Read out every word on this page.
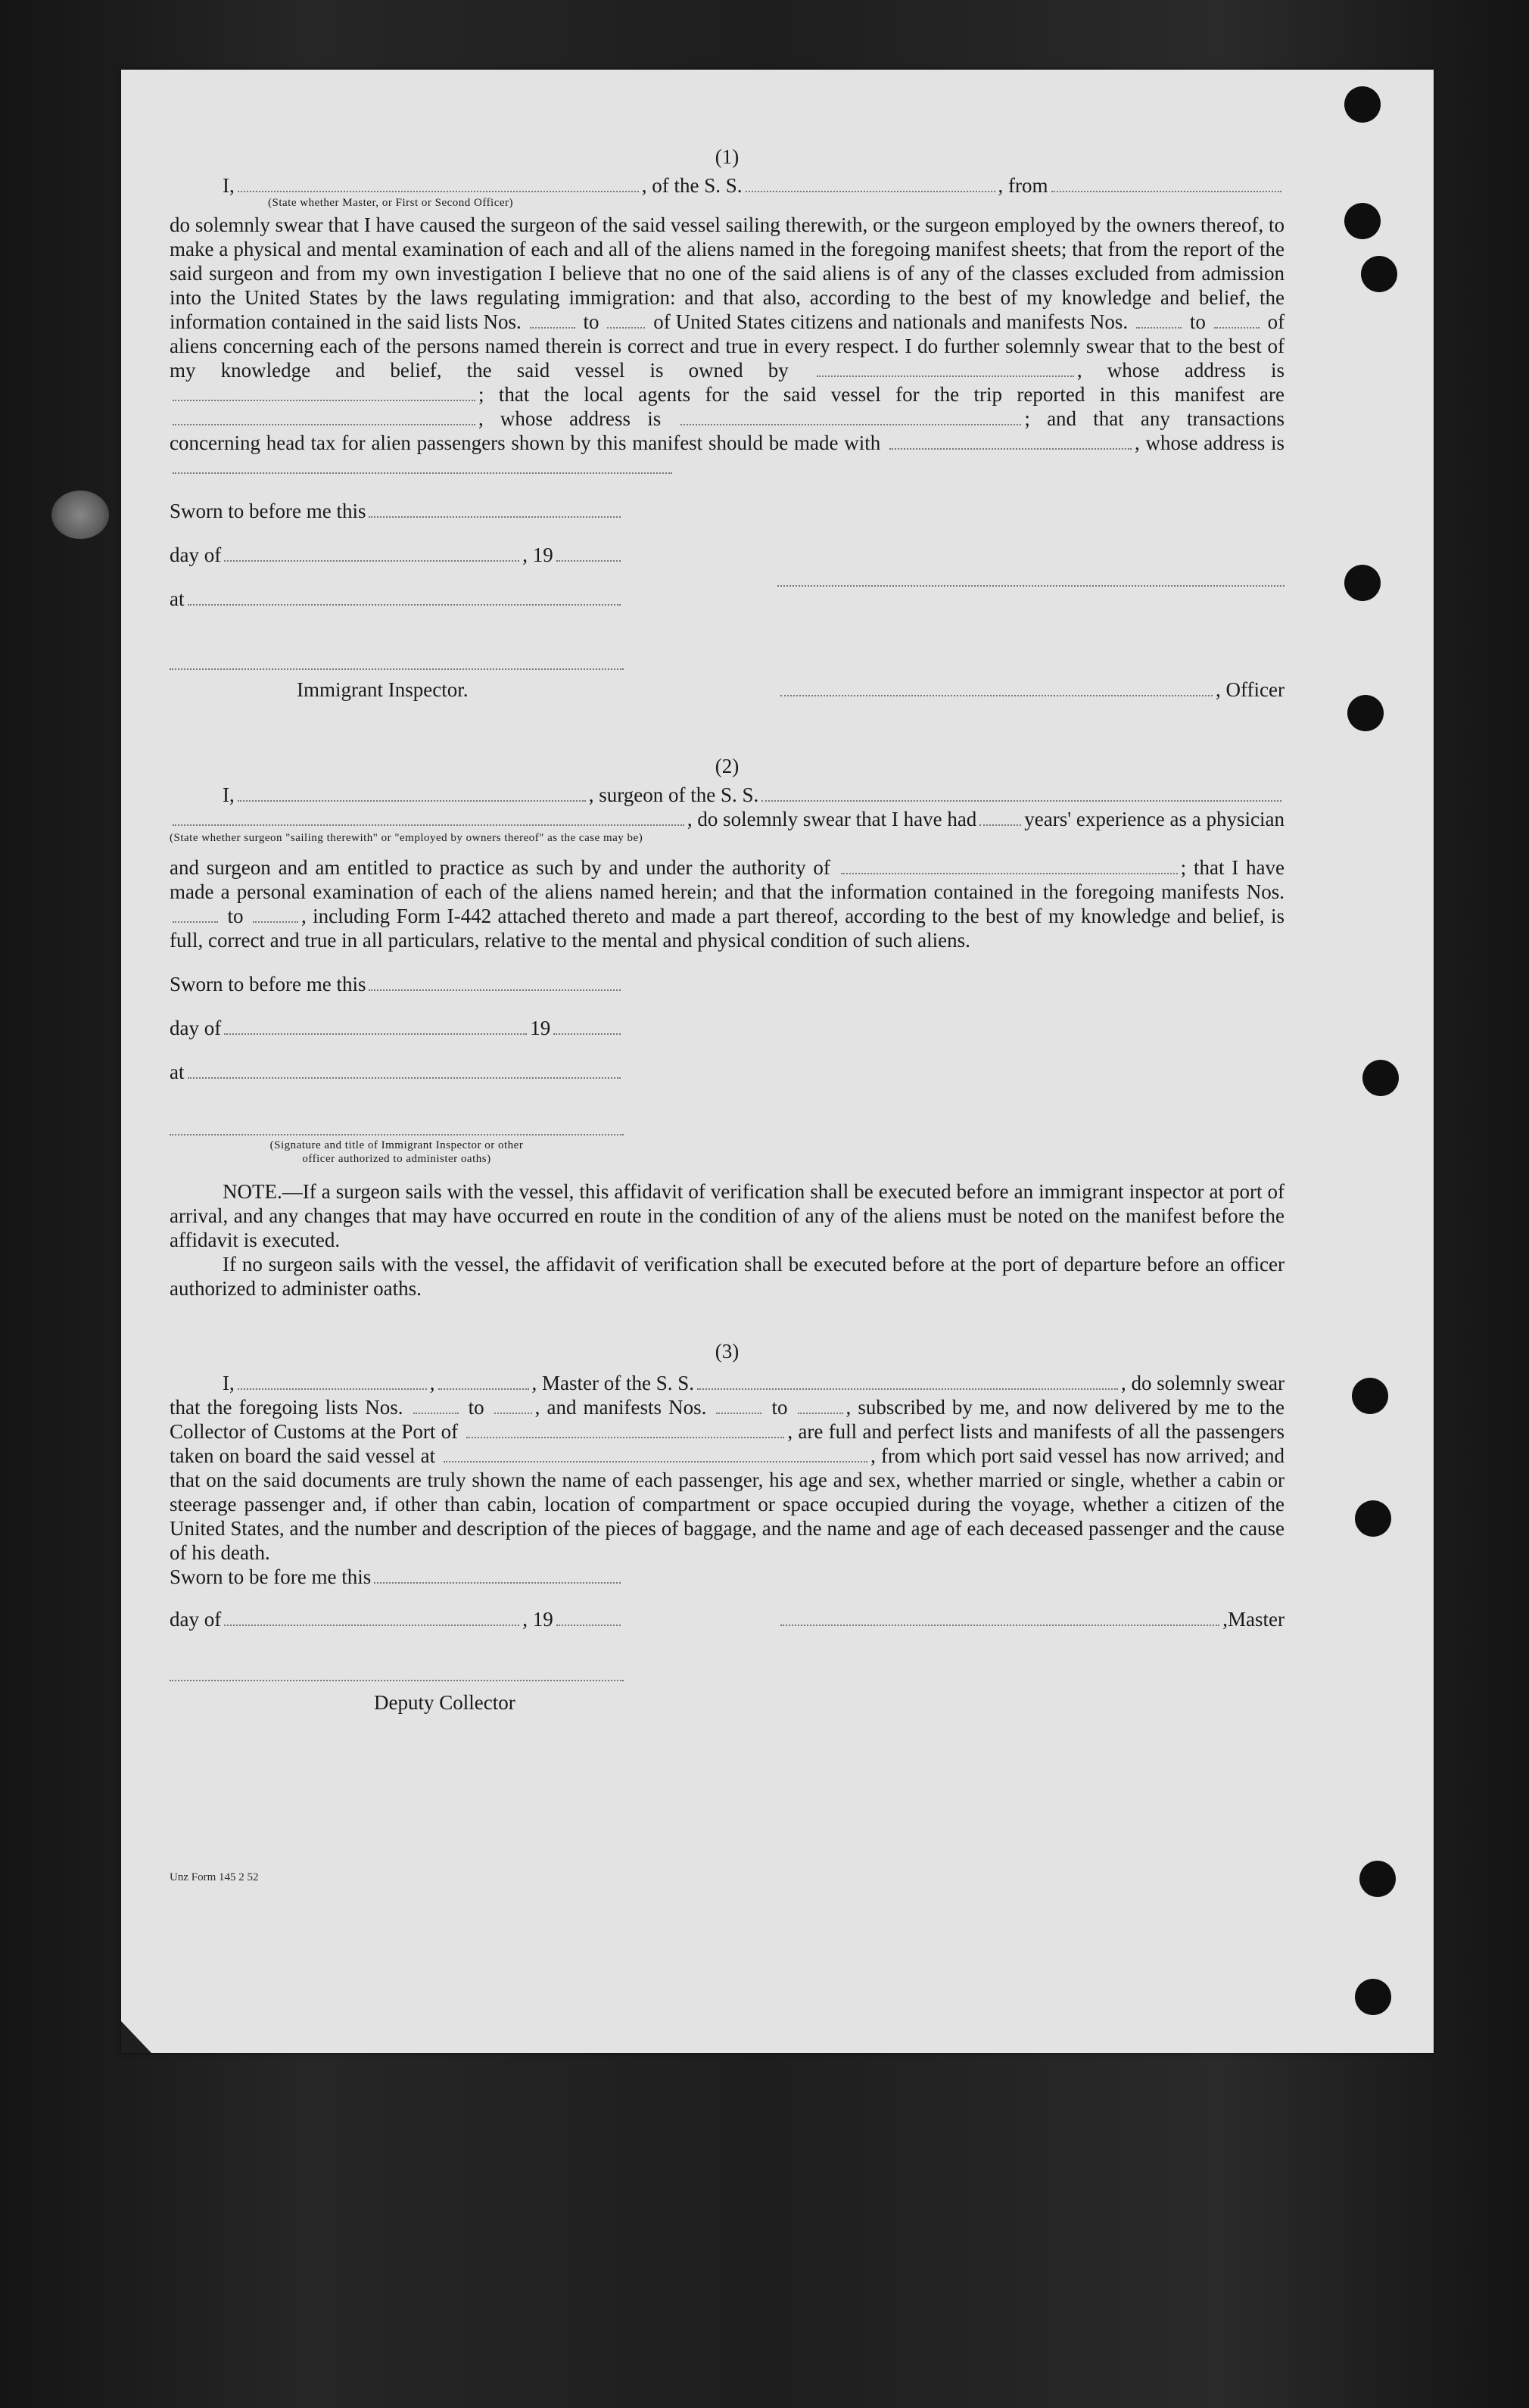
(1)
I,	, of the S. S.	, from
(State whether Master, or First or Second Officer)
do solemnly swear that I have caused the surgeon of the said vessel sailing therewith, or the surgeon employed by the owners thereof, to make a physical and mental examination of each and all of the aliens named in the foregoing manifest sheets; that from the report of the said surgeon and from my own investigation I believe that no one of the said aliens is of any of the classes excluded from admission into the United States by the laws regulating immigration: and that also, according to the best of my knowledge and belief, the information contained in the said lists Nos.	to	of United States citizens and nationals and manifests Nos.	to	of aliens concerning each of the persons named therein is correct and true in every respect. I do further solemnly swear that to the best of my knowledge and belief, the said vessel is owned by	, whose address is ; that the local agents for the said vessel for the trip reported in this manifest are , whose address is	; and that any transactions concerning head tax for alien passengers shown by this manifest should be made with	, whose address is
Sworn to before me this
day of	, 19
at
Immigrant Inspector.	, Officer
(2)
I,	, surgeon of the S. S.
, do solemnly swear that I have had years' experience as a physician
(State whether surgeon "sailing therewith" or "employed by owners thereof" as the case may be)
and surgeon and am entitled to practice as such by and under the authority of	; that I have made a personal examination of each of the aliens named herein; and that the information contained in the foregoing manifests Nos.  to	, including Form I-442 attached thereto and made a part thereof, according to the best of my knowledge and belief, is full, correct and true in all particulars, relative to the mental and physical condition of such aliens.
Sworn to before me this
day of	19
at
(Signature and title of Immigrant Inspector or other
officer authorized to administer oaths)
NOTE.—If a surgeon sails with the vessel, this affidavit of verification shall be executed before an immigrant inspector at port of arrival, and any changes that may have occurred en route in the condition of any of the aliens must be noted on the manifest before the affidavit is executed.
If no surgeon sails with the vessel, the affidavit of verification shall be executed before at the port of departure before an officer authorized to administer oaths.
(3)
I,	,	, Master of the S. S.	, do solemnly swear
that the foregoing lists Nos.	to , and manifests Nos.	to	, subscribed by me, and now delivered by me to the Collector of Customs at the Port of	, are full and perfect lists and manifests of all the passengers taken on board the said vessel at	, from which port said vessel has now arrived; and that on the said documents are truly shown the name of each passenger, his age and sex, whether married or single, whether a cabin or steerage passenger and, if other than cabin, location of compartment or space occupied during the voyage, whether a citizen of the United States, and the number and description of the pieces of baggage, and the name and age of each deceased passenger and the cause of his death.
Sworn to be fore me this
day of	, 19	,Master
Deputy Collector
Unz Form 145 2 52
